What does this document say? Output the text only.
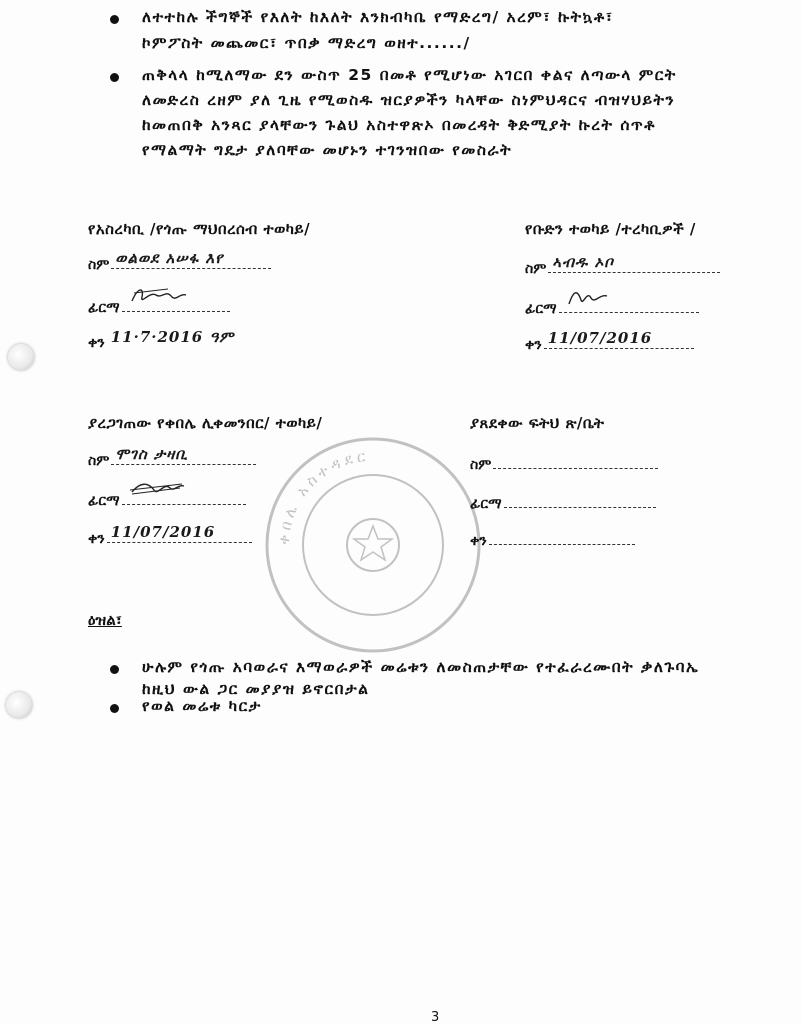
ለተተከሉ ችግኞች የእለት ከእለት እንክብካቤ የማድረግ/ አረም፣ ኩትኳቶ፣
ኮምፖስት መጨመር፣ ጥበቃ ማድረግ ወዘተ....../
ጠቅላላ ከሚለማው ደን ውስጥ 25 በመቶ የሚሆነው አገርበ ቀልና ለጣውላ ምርት
ለመድረስ ረዘም ያለ ጊዜ የሚወስዱ ዝርያዎችን ካላቸው ስነምህዳርና ብዝሃህይትን
ከመጠበቅ አንጻር ያላቸውን ጉልህ አስተዋጽኦ በመረዳት ቅድሚያት ኩረት ሰጥቶ
የማልማት ግዴታ ያለባቸው መሆኑን ተገንዝበው የመስራት
የአስረካቢ /የጎጡ ማህበረሰብ ተወካይ/
ስም ወልወደ አሠፋ እየ
ፊርማ
ቀን 11·7·2016 ዓም
የቡድን ተወካይ /ተረካቢዎች /
ስም ኣብዱ ኦቦ
ፊርማ
ቀን 11/07/2016
ቀበሌ አስተዳደር
ያረጋገጠው የቀበሌ ሊቀመንበር/ ተወካይ/
ስም ሞገስ ታዛቢ
ፊርማ
ቀን 11/07/2016
ያጸደቀው ፍትህ ጽ/ቤት
ስም
ፊርማ
ቀን
ዕዝል፣
ሁሉም የጎጡ አባወራና እማወራዎች መሬቱን ለመስጠታቸው የተፈራረሙበት ቃለጉባኤ
ከዚህ ውል ጋር መያያዝ ይኖርበታል
የወል መሬቱ ካርታ
3
